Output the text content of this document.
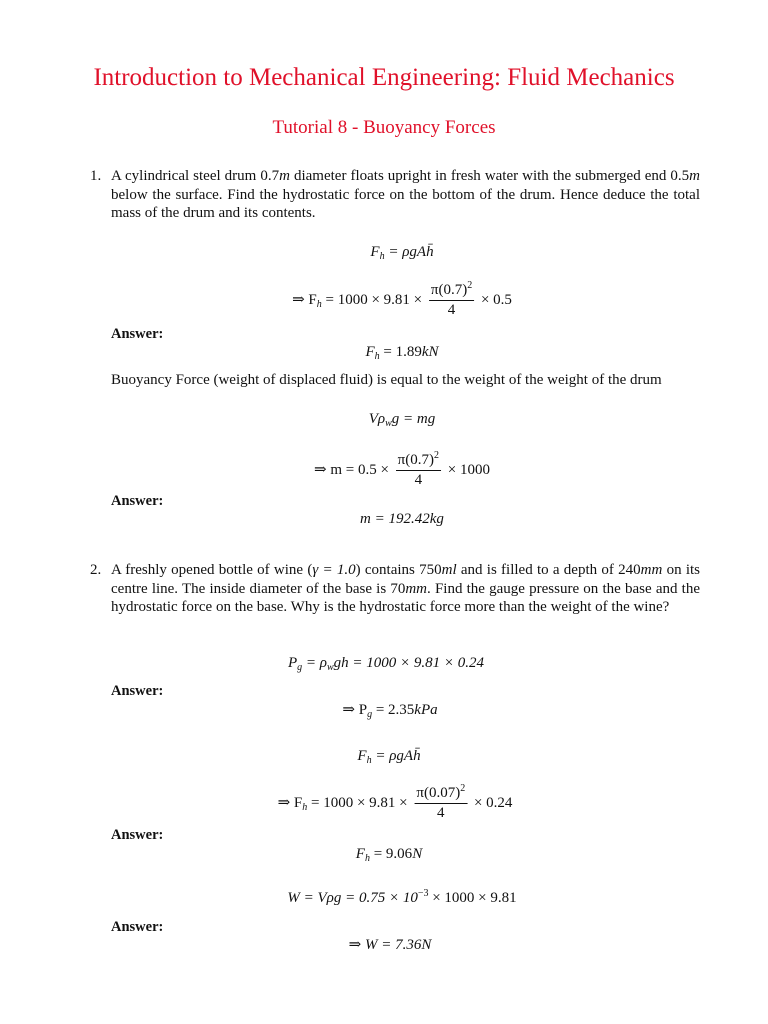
Introduction to Mechanical Engineering: Fluid Mechanics
Tutorial 8 - Buoyancy Forces
1. A cylindrical steel drum 0.7m diameter floats upright in fresh water with the submerged end 0.5m below the surface. Find the hydrostatic force on the bottom of the drum. Hence deduce the total mass of the drum and its contents.
$F_h$ = ρgAh̄
⇒ $F_h = 1000 \times 9.81 \times \frac{\pi(0.7)^2}{4} \times 0.5$
Answer:
$F_h = 1.89kN$
Buoyancy Force (weight of displaced fluid) is equal to the weight of the weight of the drum
$V\rho_wg$ = mg
⇒ $m = 0.5 \times \frac{\pi(0.7)^2}{4} \times 1000$
Answer:
m = 192.42kg
2. A freshly opened bottle of wine (γ = 1.0) contains 750ml and is filled to a depth of 240mm on its centre line. The inside diameter of the base is 70mm. Find the gauge pressure on the base and the hydrostatic force on the base. Why is the hydrostatic force more than the weight of the wine?
$P_g = \rho_wgh = 1000 \times 9.81 \times 0.24$
Answer:
⇒ $P_g = 2.35kPa$
$F_h$ = ρgAh̄
⇒ $F_h = 1000 \times 9.81 \times \frac{\pi(0.07)^2}{4} \times 0.24$
Answer:
$F_h = 9.06N$
$W = V\rho g = 0.75 \times 10^{-3} \times 1000 \times 9.81$
Answer:
⇒ W = 7.36N
